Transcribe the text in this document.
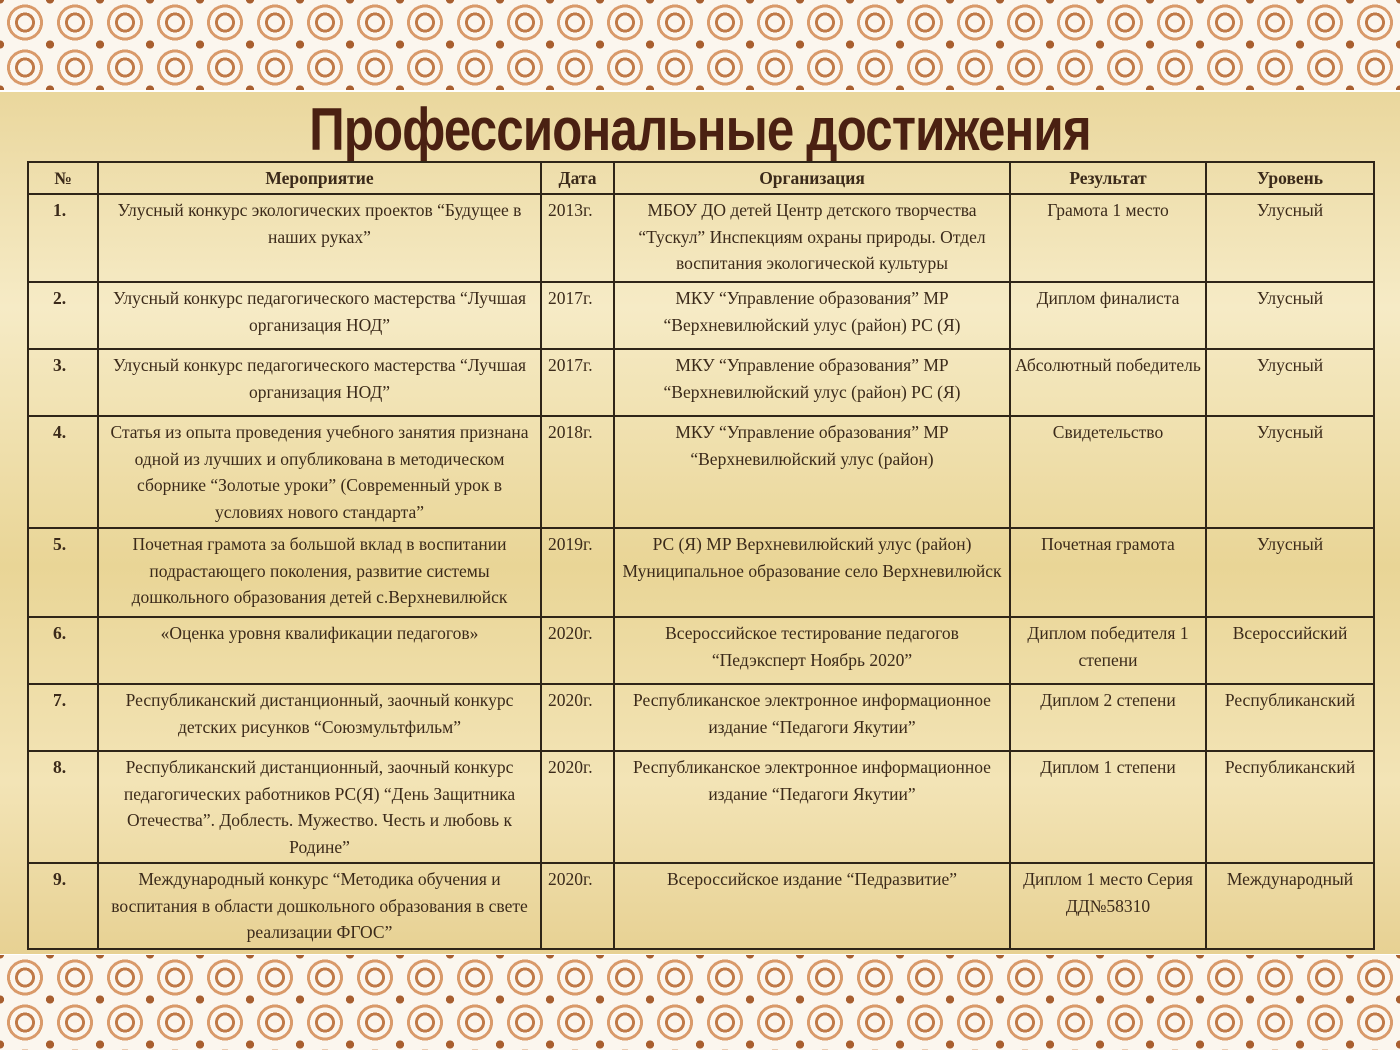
Профессиональные достижения
№	Мероприятие	Дата	Организация	Результат	Уровень
1.	Улусный конкурс экологических проектов “Будущее в наших руках”	2013г.	МБОУ ДО детей Центр детского творчества “Тускул” Инспекциям охраны природы. Отдел воспитания экологической культуры	Грамота 1 место	Улусный
2.	Улусный конкурс педагогического мастерства “Лучшая организация НОД”	2017г.	МКУ “Управление образования” МР “Верхневилюйский улус (район) РС (Я)	Диплом финалиста	Улусный
3.	Улусный конкурс педагогического мастерства “Лучшая организация НОД”	2017г.	МКУ “Управление образования” МР “Верхневилюйский улус (район) РС (Я)	Абсолютный победитель	Улусный
4.	Статья из опыта проведения учебного занятия признана одной из лучших и опубликована в методическом сборнике “Золотые уроки” (Современный урок в условиях нового стандарта”	2018г.	МКУ “Управление образования” МР “Верхневилюйский улус (район)	Свидетельство	Улусный
5.	Почетная грамота за большой вклад в воспитании подрастающего поколения, развитие системы дошкольного образования детей с.Верхневилюйск	2019г.	РС (Я) МР Верхневилюйский улус (район) Муниципальное образование село Верхневилюйск	Почетная грамота	Улусный
6.	«Оценка уровня квалификации педагогов»	2020г.	Всероссийское тестирование педагогов “Педэксперт Ноябрь 2020”	Диплом победителя 1 степени	Всероссийский
7.	Республиканский дистанционный, заочный конкурс детских рисунков “Союзмультфильм”	2020г.	Республиканское электронное информационное издание “Педагоги Якутии”	Диплом 2 степени	Республиканский
8.	Республиканский дистанционный, заочный конкурс педагогических работников РС(Я) “День Защитника Отечества”. Доблесть. Мужество. Честь и любовь к Родине”	2020г.	Республиканское электронное информационное издание “Педагоги Якутии”	Диплом 1 степени	Республиканский
9.	Международный конкурс “Методика обучения и воспитания в области дошкольного образования в свете реализации ФГОС”	2020г.	Всероссийское издание “Педразвитие”	Диплом 1 место Серия ДД№58310	Международный
